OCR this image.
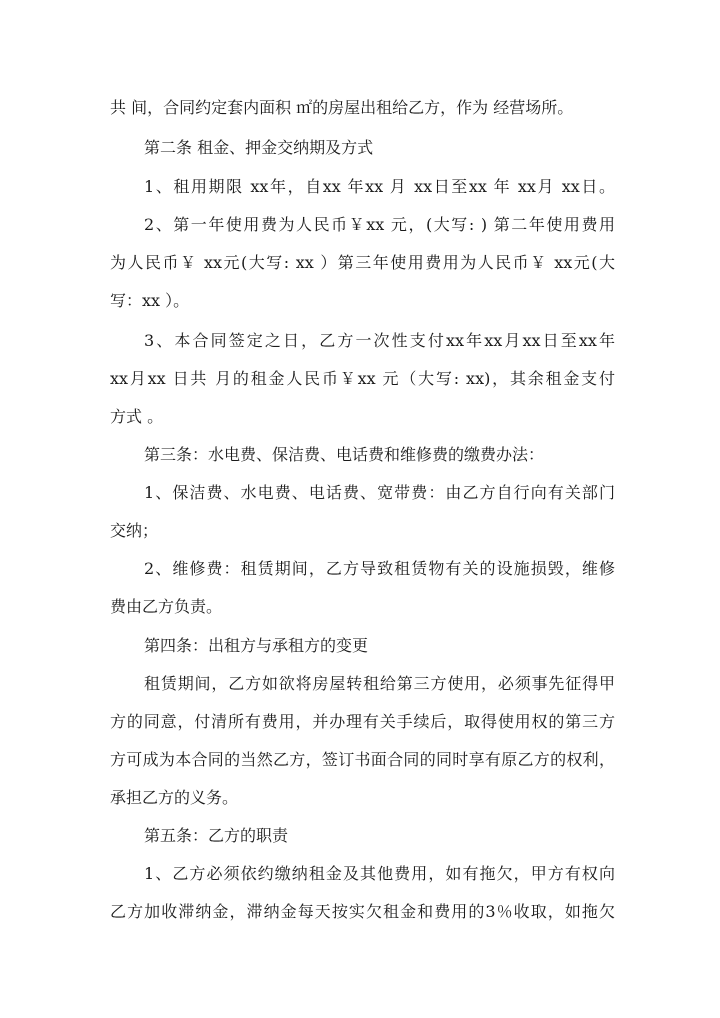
共 间，合同约定套内面积 ㎡的房屋出租给乙方，作为 经营场所。
第二条 租金、押金交纳期及方式
1、租用期限 xx年，自xx 年xx 月 xx日至xx 年 xx月 xx日。
2、第一年使用费为人民币￥xx 元，(大写: ) 第二年使用费用
为人民币￥ xx元(大写: xx ）第三年使用费用为人民币￥ xx元(大
写：xx ）。
3、本合同签定之日，乙方一次性支付xx年xx月xx日至xx年
xx月xx 日共 月的租金人民币￥xx 元（大写: xx)，其余租金支付
方式 。
第三条：水电费、保洁费、电话费和维修费的缴费办法：
1、保洁费、水电费、电话费、宽带费：由乙方自行向有关部门
交纳；
2、维修费：租赁期间，乙方导致租赁物有关的设施损毁，维修
费由乙方负责。
第四条：出租方与承租方的变更
租赁期间，乙方如欲将房屋转租给第三方使用，必须事先征得甲
方的同意，付清所有费用，并办理有关手续后，取得使用权的第三方
方可成为本合同的当然乙方，签订书面合同的同时享有原乙方的权利，
承担乙方的义务。
第五条：乙方的职责
1、乙方必须依约缴纳租金及其他费用，如有拖欠，甲方有权向
乙方加收滞纳金，滞纳金每天按实欠租金和费用的3％收取，如拖欠
